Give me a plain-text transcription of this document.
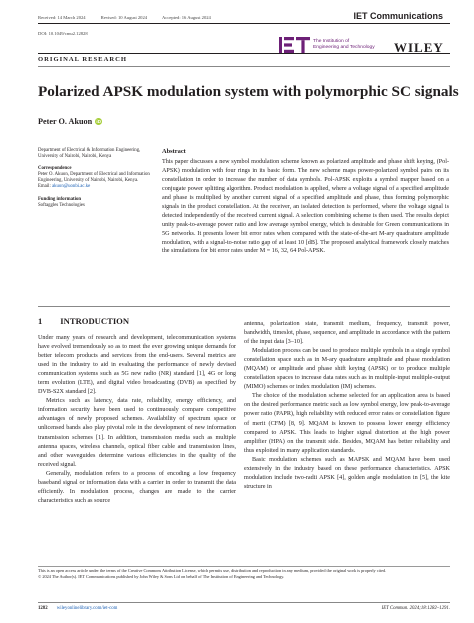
Received: 14 March 2024	Revised: 10 August 2024	Accepted: 16 August 2024	IET Communications
DOI: 10.1049/cmu2.12828
The Institution of
Engineering and Technology WILEY
ORIGINAL RESEARCH
Polarized APSK modulation system with polymorphic SC signals
Peter O. Akuon iD

Department of Electrical & Information Engineering, University of Nairobi, Nairobi, Kenya

Correspondence
Peter O. Akuon, Department of Electrical and Information Engineering, University of Nairobi, Nairobi, Kenya.
Email: akuon@uonbi.ac.ke

Funding information
Softaggles Technologies

Abstract
This paper discusses a new symbol modulation scheme known as polarized amplitude and phase shift keying, (Pol-APSK) modulation with four rings in its basic form. The new scheme maps power-polarized symbol pairs on its constellation in order to increase the number of data symbols. Pol-APSK exploits a symbol mapper based on a conjugate power splitting algorithm. Product modulation is applied, where a voltage signal of a specified amplitude and phase is multiplied by another current signal of a specified amplitude and phase, thus forming polymorphic signals in the product constellation. At the receiver, an isolated detection is performed, where the voltage signal is detected independently of the received current signal. A selection combining scheme is then used. The results depict unity peak-to-average power ratio and low average symbol energy, which is desirable for Green communications in 5G networks. It presents lower bit error rates when compared with the state-of-the-art M-ary quadrature amplitude modulation, with a signal-to-noise ratio gap of at least 10 [dB]. The proposed analytical framework closely matches the simulations for bit error rates under M = 16, 32, 64 Pol-APSK.
1 INTRODUCTION

Under many years of research and development, telecommunication systems have evolved tremendously so as to meet the ever growing unique demands for better telecom products and services from the end-users. Several metrics are used in the industry to aid in evaluating the performance of newly devised communication systems such as 5G new radio (NR) standard [1], 4G or long term evolution (LTE), and digital video broadcasting (DVB) as specified by DVB-S2X standard [2].

Metrics such as latency, data rate, reliability, energy efficiency, and information security have been used to continuously compare competitive advantages of newly proposed schemes. Availability of spectrum space or unlicensed bands also play pivotal role in the development of new information transmission schemes [1]. In addition, transmission media such as multiple antenna spaces, wireless channels, optical fiber cable and transmission lines, and other waveguides determine various efficiencies in the quality of the received signal.

Generally, modulation refers to a process of encoding a low frequency baseband signal or information data with a carrier in order to transmit the data efficiently. In modulation process, changes are made to the carrier characteristics such as source

antenna, polarization state, transmit medium, frequency, transmit power, bandwidth, timeslot, phase, sequence, and amplitude in accordance with the pattern of the input data [3–10].

Modulation process can be used to produce multiple symbols in a single symbol constellation space such as in M-ary quadrature amplitude and phase modulation (MQAM) or amplitude and phase shift keying (APSK) or to produce multiple constellation spaces to increase data rates such as in multiple-input multiple-output (MIMO) schemes or index modulation (IM) schemes.

The choice of the modulation scheme selected for an application area is based on the desired performance metric such as low symbol energy, low peak-to-average power ratio (PAPR), high reliability with reduced error rates or constellation figure of merit (CFM) [8, 9]. MQAM is known to possess lower energy efficiency compared to APSK. This leads to higher signal distortion at the high power amplifier (HPA) on the transmit side. Besides, MQAM has better reliability and thus exploited in many application standards.

Basic modulation schemes such as MAPSK and MQAM have been used extensively in the industry based on these performance characteristics. APSK modulation include two-radii APSK [4], golden angle modulation in [5], the kite structure in

This is an open access article under the terms of the Creative Commons Attribution License, which permits use, distribution and reproduction in any medium, provided the original work is properly cited.

© 2024 The Author(s). IET Communications published by John Wiley & Sons Ltd on behalf of The Institution of Engineering and Technology.

1282 wileyonlinelibrary.com/iet-com	IET Commun. 2024;18:1282–1291.
